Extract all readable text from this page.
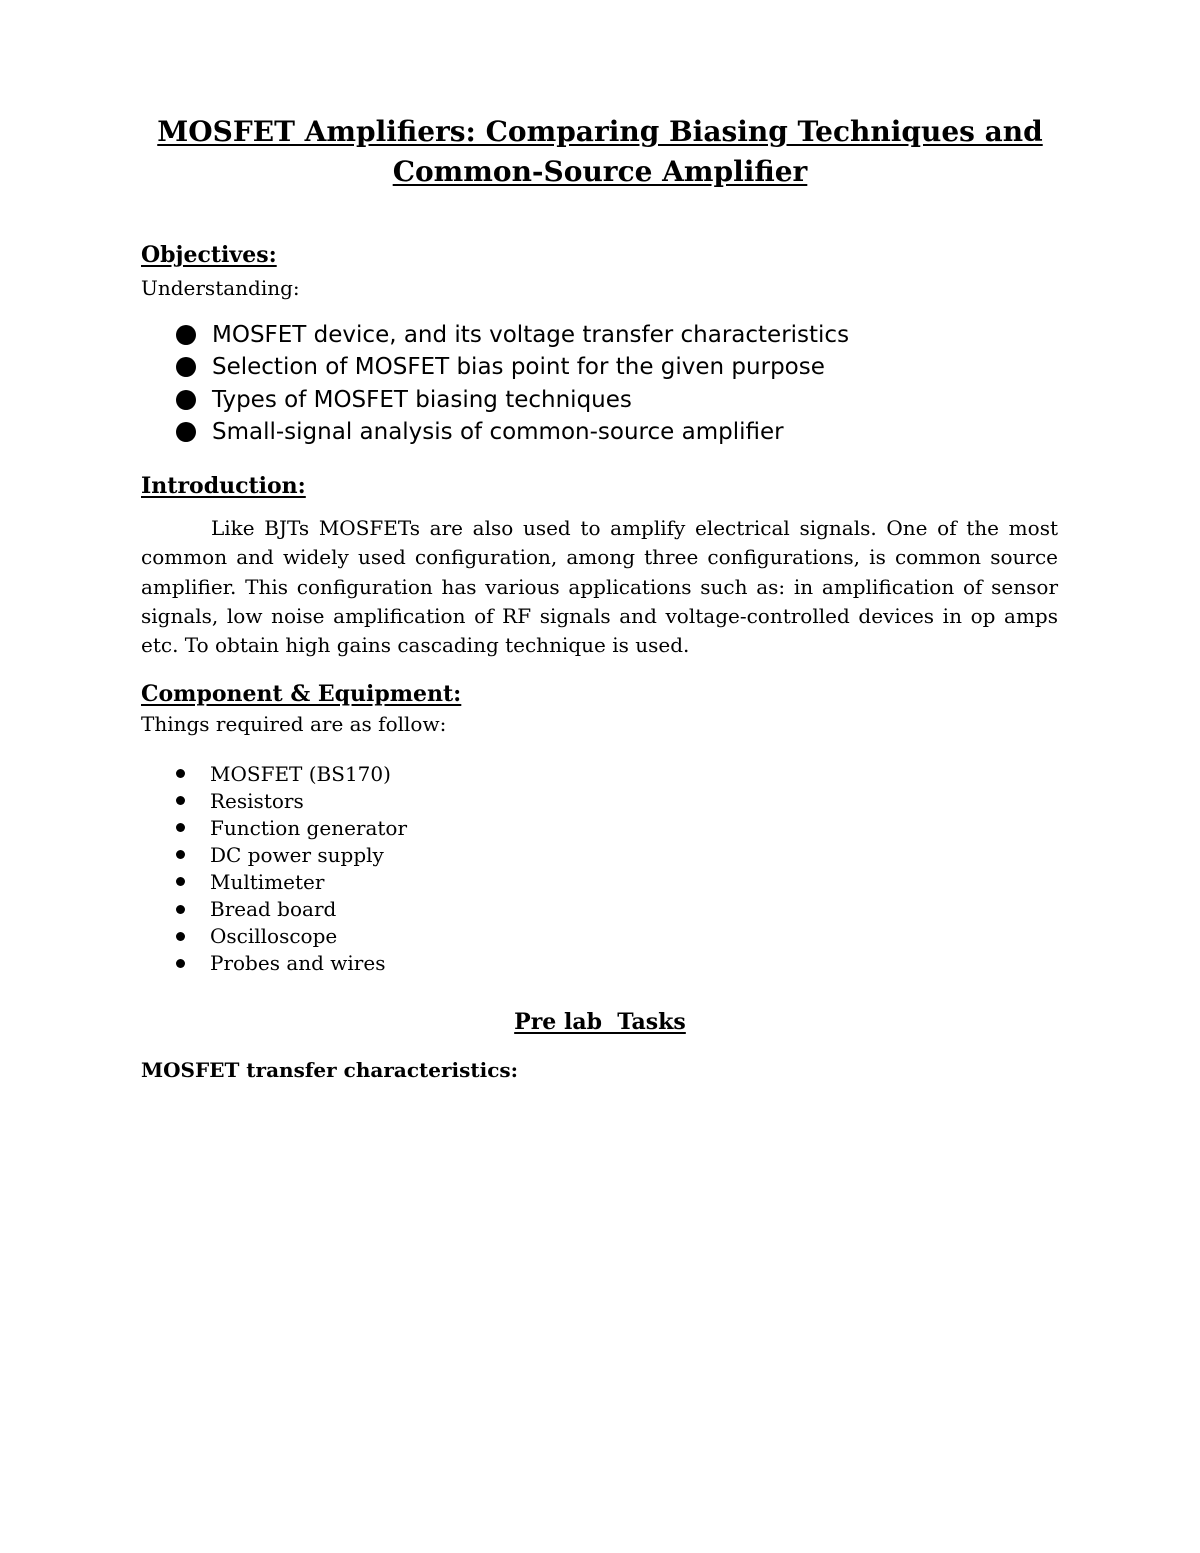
MOSFET Amplifiers: Comparing Biasing Techniques and
Common-Source Amplifier
Objectives:

Understanding:

MOSFET device, and its voltage transfer characteristics
Selection of MOSFET bias point for the given purpose
Types of MOSFET biasing techniques
Small-signal analysis of common-source amplifier
Introduction:

Like BJTs MOSFETs are also used to amplify electrical signals. One of the most common and widely used configuration, among three configurations, is common source amplifier. This configuration has various applications such as: in amplification of sensor signals, low noise amplification of RF signals and voltage-controlled devices in op amps etc. To obtain high gains cascading technique is used.

Component & Equipment:

Things required are as follow:

MOSFET (BS170)
Resistors
Function generator
DC power supply
Multimeter
Bread board
Oscilloscope
Probes and wires
Pre lab  Tasks

MOSFET transfer characteristics:
